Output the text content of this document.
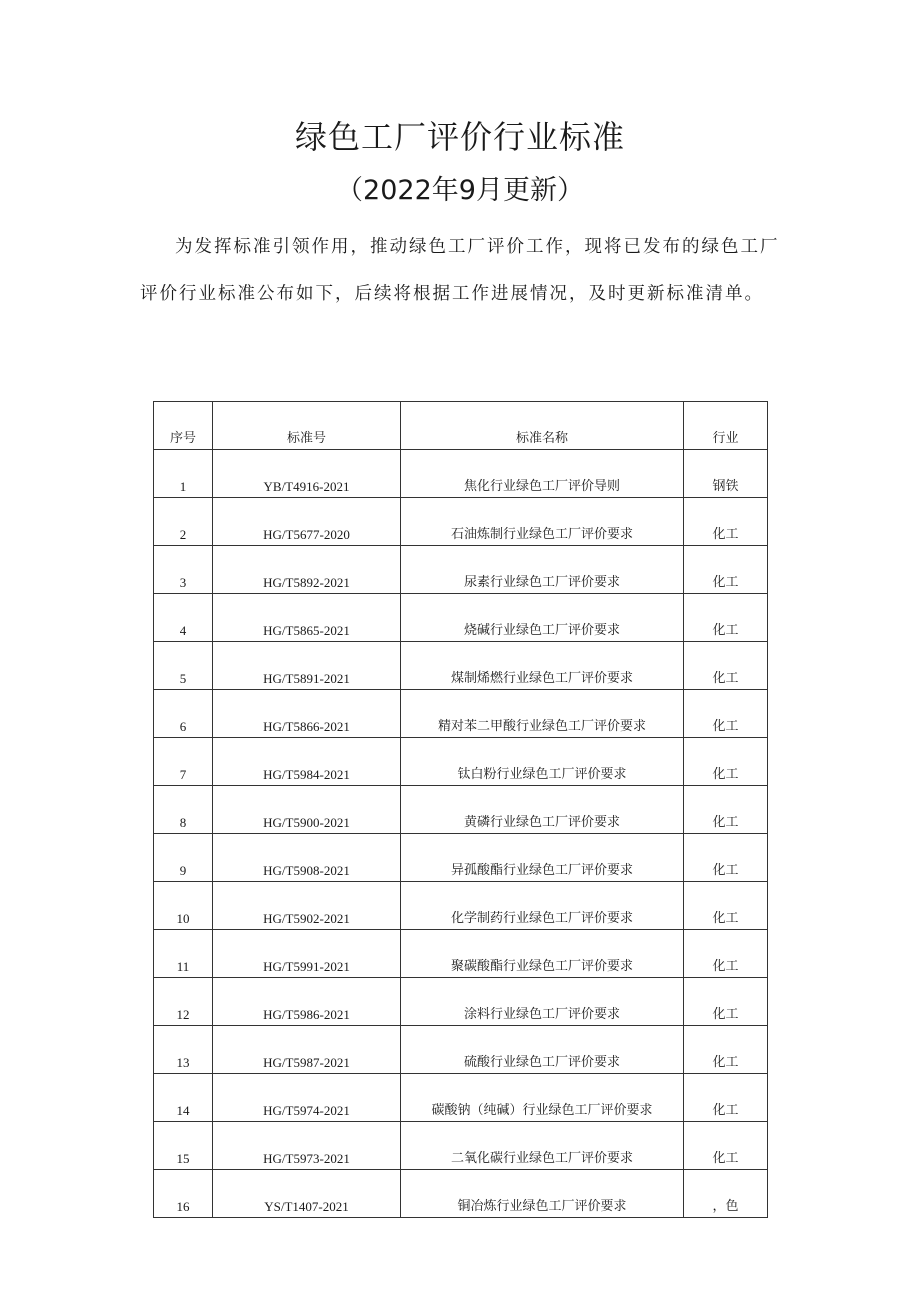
绿色工厂评价行业标准
（2022年9月更新）

为发挥标准引领作用，推动绿色工厂评价工作，现将已发布的绿色工厂评价行业标准公布如下，后续将根据工作进展情况，及时更新标准清单。

序号	标准号	标准名称	行业
1	YB/T4916-2021	焦化行业绿色工厂评价导则	钢铁
2	HG/T5677-2020	石油炼制行业绿色工厂评价要求	化工
3	HG/T5892-2021	尿素行业绿色工厂评价要求	化工
4	HG/T5865-2021	烧碱行业绿色工厂评价要求	化工
5	HG/T5891-2021	煤制烯燃行业绿色工厂评价要求	化工
6	HG/T5866-2021	精对苯二甲酸行业绿色工厂评价要求	化工
7	HG/T5984-2021	钛白粉行业绿色工厂评价要求	化工
8	HG/T5900-2021	黄磷行业绿色工厂评价要求	化工
9	HG/T5908-2021	异孤酸酯行业绿色工厂评价要求	化工
10	HG/T5902-2021	化学制药行业绿色工厂评价要求	化工
11	HG/T5991-2021	聚碳酸酯行业绿色工厂评价要求	化工
12	HG/T5986-2021	涂料行业绿色工厂评价要求	化工
13	HG/T5987-2021	硫酸行业绿色工厂评价要求	化工
14	HG/T5974-2021	碳酸钠（纯碱）行业绿色工厂评价要求	化工
15	HG/T5973-2021	二氧化碳行业绿色工厂评价要求	化工
16	YS/T1407-2021	铜冶炼行业绿色工厂评价要求	，色
